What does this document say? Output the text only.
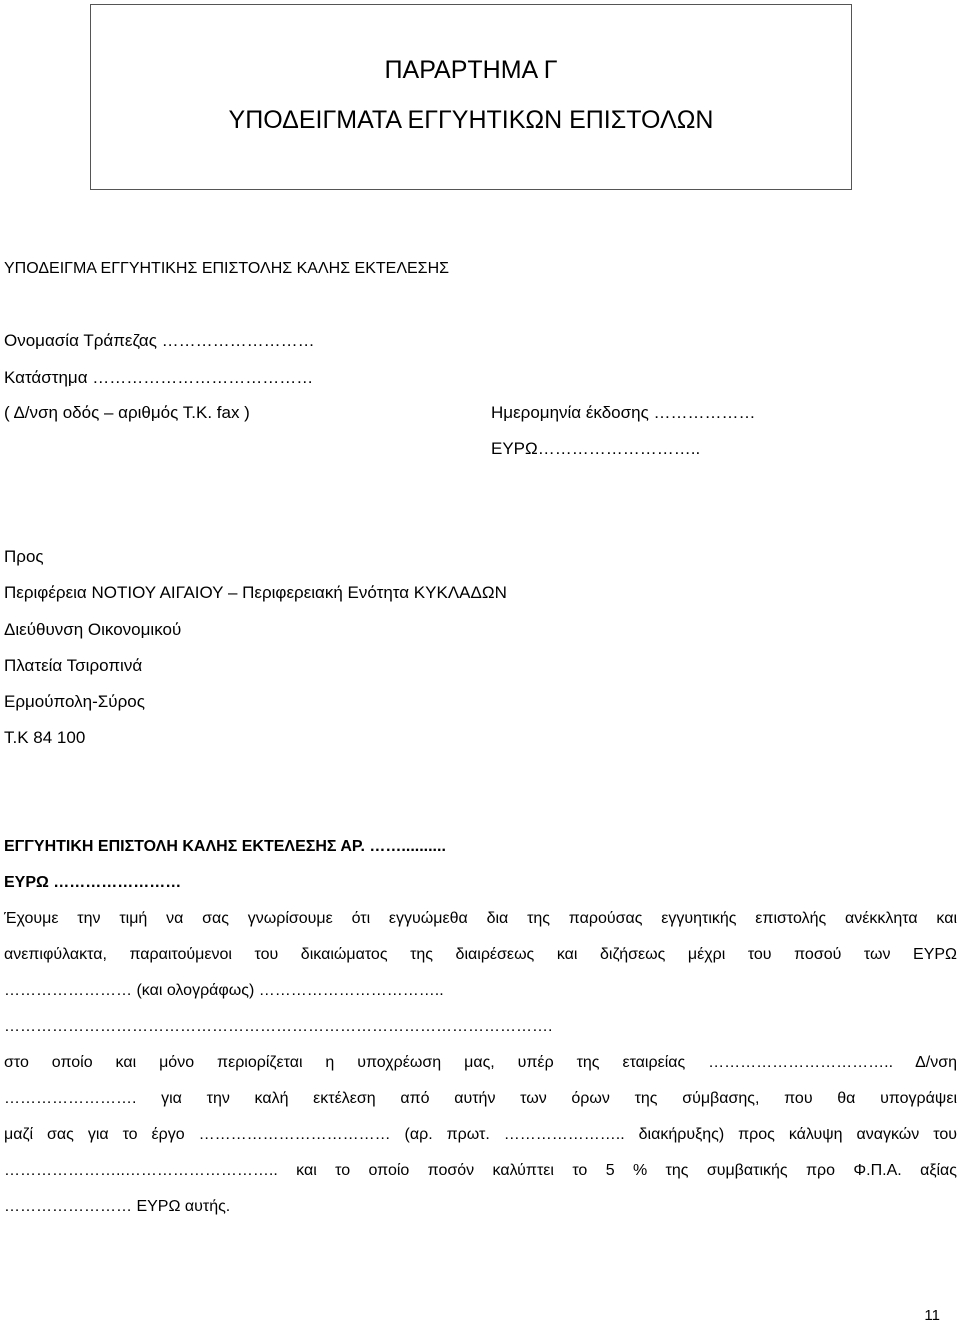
ΠΑΡΑΡΤΗΜΑ Γ
ΥΠΟΔΕΙΓΜΑΤΑ ΕΓΓΥΗΤΙΚΩΝ ΕΠΙΣΤΟΛΩΝ
ΥΠΟΔΕΙΓΜΑ ΕΓΓΥΗΤΙΚΗΣ ΕΠΙΣΤΟΛΗΣ ΚΑΛΗΣ ΕΚΤΕΛΕΣΗΣ
Ονομασία Τράπεζας ………………………
Κατάστημα …………………………………
( Δ/νση οδός – αριθμός Τ.Κ. fax )	Ημερομηνία έκδοσης ………………
ΕΥΡΩ………………………..
Προς
Περιφέρεια ΝΟΤΙΟΥ ΑΙΓΑΙΟΥ – Περιφερειακή Ενότητα ΚΥΚΛΑΔΩΝ
Διεύθυνση Οικονομικού
Πλατεία Τσιροπινά
Ερμούπολη-Σύρος
Τ.Κ 84 100
ΕΓΓΥΗΤΙΚΗ ΕΠΙΣΤΟΛΗ ΚΑΛΗΣ ΕΚΤΕΛΕΣΗΣ ΑΡ. ……..........
ΕΥΡΩ ……………………
Έχουμε την τιμή να σας γνωρίσουμε ότι εγγυώμεθα δια της παρούσας εγγυητικής επιστολής ανέκκλητα και
ανεπιφύλακτα, παραιτούμενοι του δικαιώματος της διαιρέσεως και διζήσεως μέχρι του ποσού των ΕΥΡΩ
…………………… (και ολογράφως) ……………………………..
………………………………………………………………………………………….
στο οποίο και μόνο περιορίζεται η υποχρέωση μας, υπέρ της εταιρείας …………………………….. Δ/νση
……………………. για την καλή εκτέλεση από αυτήν των όρων της σύμβασης, που θα υπογράψει
μαζί σας για το έργο ……………………………… (αρ. πρωτ. ………………….. διακήρυξης) προς κάλυψη αναγκών του
…………………..……………………….. και το οποίο ποσόν καλύπτει το 5 % της συμβατικής προ Φ.Π.Α. αξίας
…………………… ΕΥΡΩ αυτής.
11
